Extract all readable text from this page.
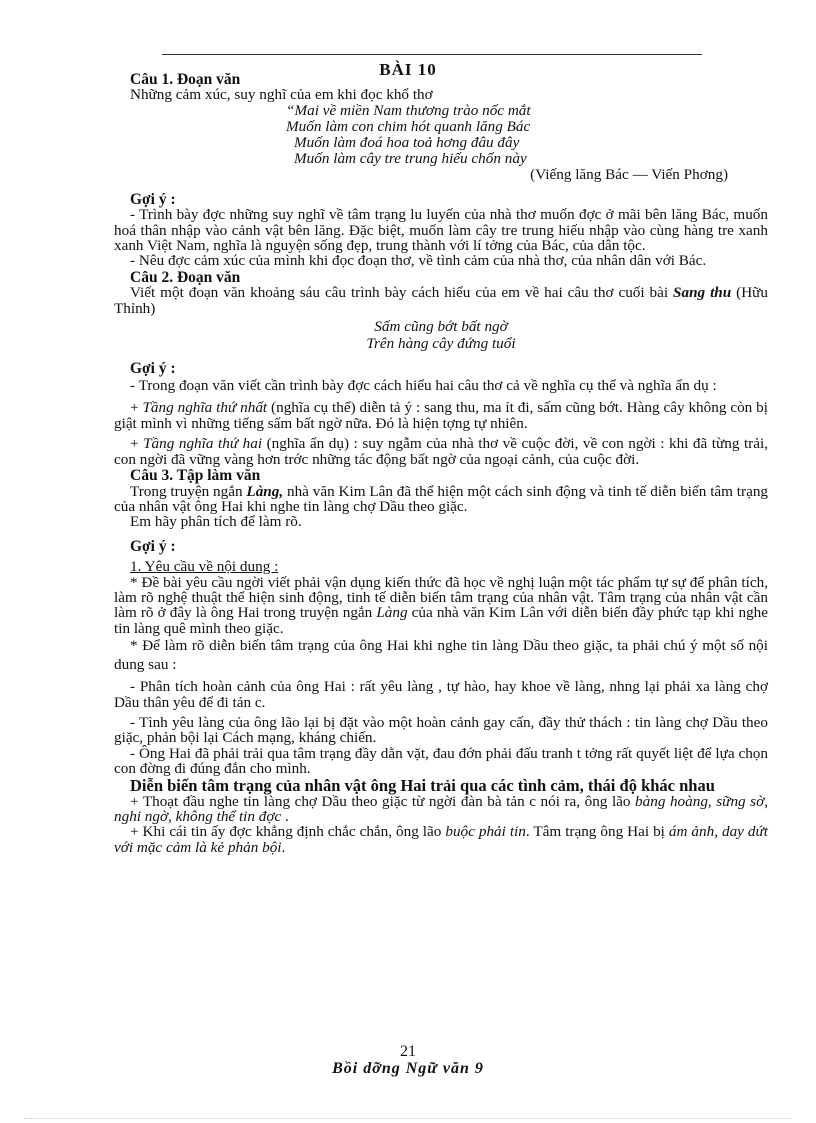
BÀI 10

Câu 1. Đoạn văn

Những cảm xúc, suy nghĩ của em khi đọc khổ thơ

“Mai về miền Nam thương trào nốc mắt

Muốn làm con chim hót quanh lăng Bác

Muốn làm đoá hoa toả hơng đâu đây

Muốn làm cây tre trung hiếu chốn này

(Viếng lăng Bác — Viến Phơng)

Gợi ý :

- Trình bày đợc những suy nghĩ về tâm trạng lu luyến của nhà thơ muốn đợc ở mãi bên lăng Bác, muốn hoá thân nhập vào cảnh vật bên lăng. Đặc biệt, muốn làm cây tre trung hiếu nhập vào cùng hàng tre xanh xanh Việt Nam, nghĩa là nguyện sống đẹp, trung thành với lí tởng của Bác, của dân tộc.

- Nêu đợc cảm xúc của mình khi đọc đoạn thơ, về tình cảm của nhà thơ, của nhân dân với Bác.

Câu 2. Đoạn văn

Viết một đoạn văn khoảng sáu câu trình bày cách hiểu của em về hai câu thơ cuối bài Sang thu (Hữu Thỉnh)

Sấm cũng bớt bất ngờ

Trên hàng cây đứng tuổi

Gợi ý :

- Trong đoạn văn viết cần trình bày đợc cách hiểu hai câu thơ cả về nghĩa cụ thể và nghĩa ẩn dụ :

+ Tầng nghĩa thứ nhất (nghĩa cụ thể) diễn tả ý : sang thu, ma ít đi, sấm cũng bớt. Hàng cây không còn bị giật mình vì những tiếng sấm bất ngờ nữa. Đó là hiện tợng tự nhiên.

+ Tầng nghĩa thứ hai (nghĩa ẩn dụ) : suy ngẫm của nhà thơ về cuộc đời, về con ngời : khi đã từng trải, con ngời đã vững vàng hơn trớc những tác động bất ngờ của ngoại cảnh, của cuộc đời.

Câu 3. Tập làm văn

Trong truyện ngắn Làng, nhà văn Kim Lân đã thể hiện một cách sinh động và tinh tế diễn biến tâm trạng của nhân vật ông Hai khi nghe tin làng chợ Dầu theo giặc.

Em hãy phân tích để làm rõ.

Gợi ý :

1. Yêu cầu về nội dung :

* Đề bài yêu cầu ngời viết phải vận dụng kiến thức đã học về nghị luận một tác phẩm tự sự để phân tích, làm rõ nghệ thuật thể hiện sinh động, tinh tế diễn biến tâm trạng của nhân vật. Tâm trạng của nhân vật cần làm rõ ở đây là ông Hai trong truyện ngắn Làng của nhà văn Kim Lân với diễn biến đầy phức tạp khi nghe tin làng quê mình theo giặc.

* Để làm rõ diễn biến tâm trạng của ông Hai khi nghe tin làng Dầu theo giặc, ta phải chú ý một số nội dung sau :

- Phân tích hoàn cảnh của ông Hai : rất yêu làng , tự hào, hay khoe về làng, nhng lại phải xa làng chợ Dầu thân yêu để đi tản c.

- Tình yêu làng của ông lão lại bị đặt vào một hoàn cảnh gay cấn, đầy thử thách : tin làng chợ Dầu theo giặc, phản bội lại Cách mạng, kháng chiến.

- Ông Hai đã phải trải qua tâm trạng đầy dằn vặt, đau đớn phải đấu tranh t tởng rất quyết liệt để lựa chọn con đờng đi đúng đắn cho mình.

Diễn biến tâm trạng của nhân vật ông Hai trải qua các tình cảm, thái độ khác nhau

+ Thoạt đầu nghe tin làng chợ Dầu theo giặc từ ngời đàn bà tản c nói ra, ông lão bàng hoàng, sững sờ, nghi ngờ, không thể tin đợc .

+ Khi cái tin ấy đợc khẳng định chắc chắn, ông lão buộc phải tin. Tâm trạng ông Hai bị ám ảnh, day dứt với mặc cảm là kẻ phản bội.

21
Bồi dỡng Ngữ văn 9
